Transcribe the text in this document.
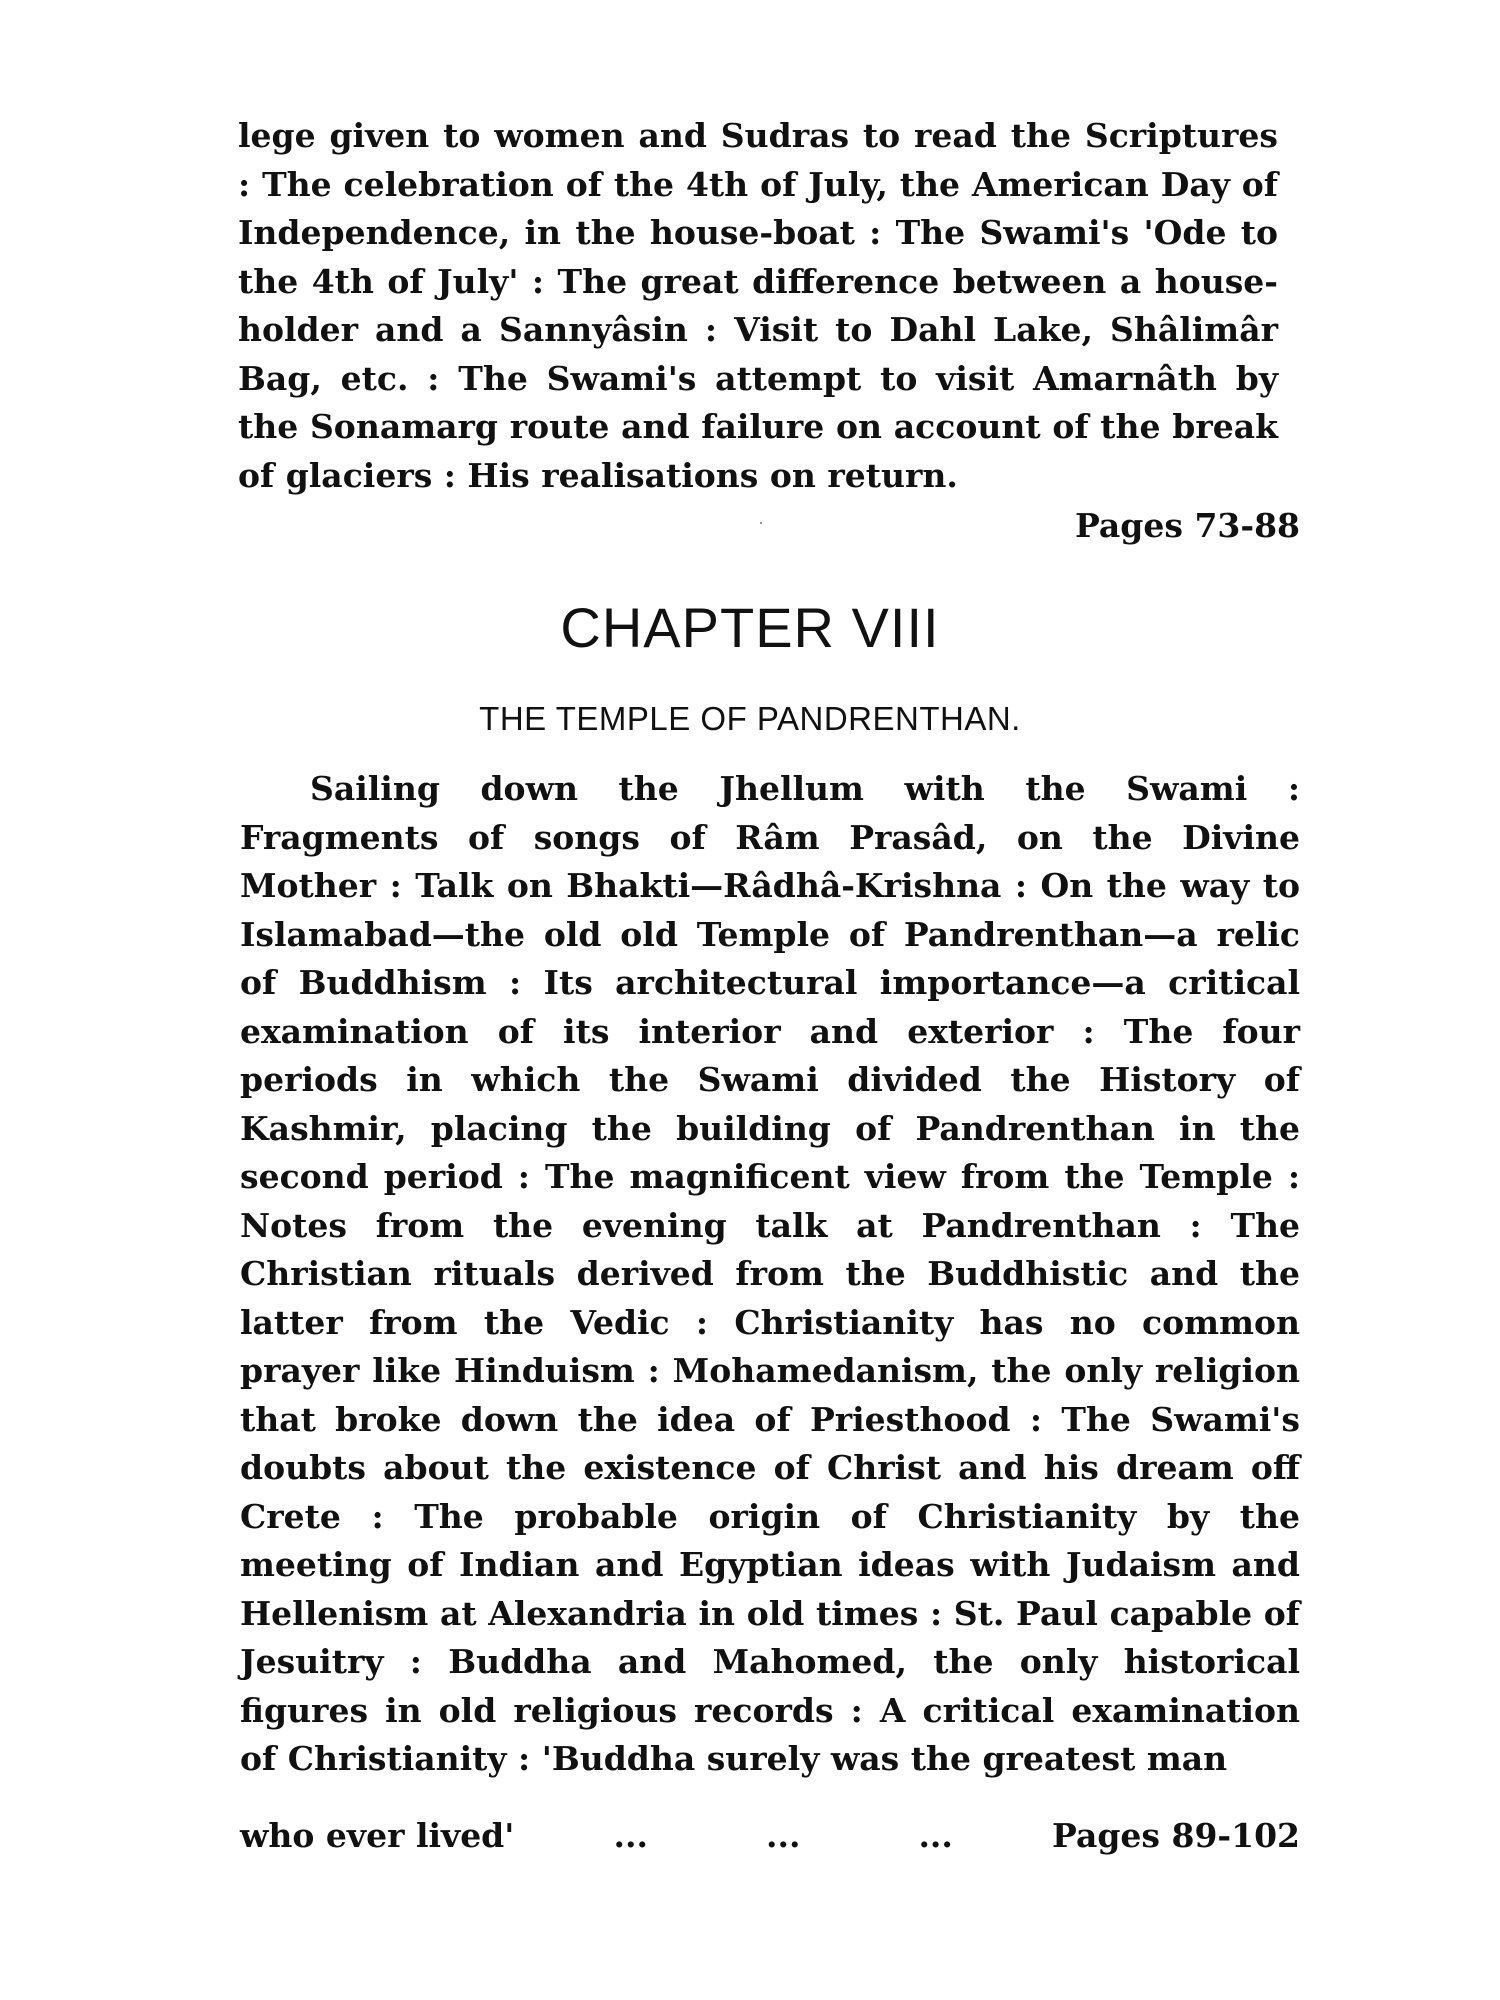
lege given to women and Sudras to read the Scriptures : The celebration of the 4th of July, the American Day of Independence, in the house-boat : The Swami's 'Ode to the 4th of July' : The great difference between a house-holder and a Sannyâsin : Visit to Dahl Lake, Shâlimâr Bag, etc. : The Swami's attempt to visit Amarnâth by the Sonamarg route and failure on account of the break of glaciers : His realisations on return.

Pages 73-88
CHAPTER VIII
THE TEMPLE OF PANDRENTHAN.

Sailing down the Jhellum with the Swami : Fragments of songs of Râm Prasâd, on the Divine Mother : Talk on Bhakti—Râdhâ-Krishna : On the way to Islamabad—the old old Temple of Pandrenthan—a relic of Buddhism : Its architectural importance—a critical examination of its interior and exterior : The four periods in which the Swami divided the History of Kashmir, placing the building of Pandrenthan in the second period : The magnificent view from the Temple : Notes from the evening talk at Pandrenthan : The Christian rituals derived from the Buddhistic and the latter from the Vedic : Christianity has no common prayer like Hinduism : Mohamedanism, the only religion that broke down the idea of Priesthood : The Swami's doubts about the existence of Christ and his dream off Crete : The probable origin of Christianity by the meeting of Indian and Egyptian ideas with Judaism and Hellenism at Alexandria in old times : St. Paul capable of Jesuitry : Buddha and Mahomed, the only historical figures in old religious records : A critical examination of Christianity : 'Buddha surely was the greatest man

who ever lived'	...	...	...	Pages 89-102
